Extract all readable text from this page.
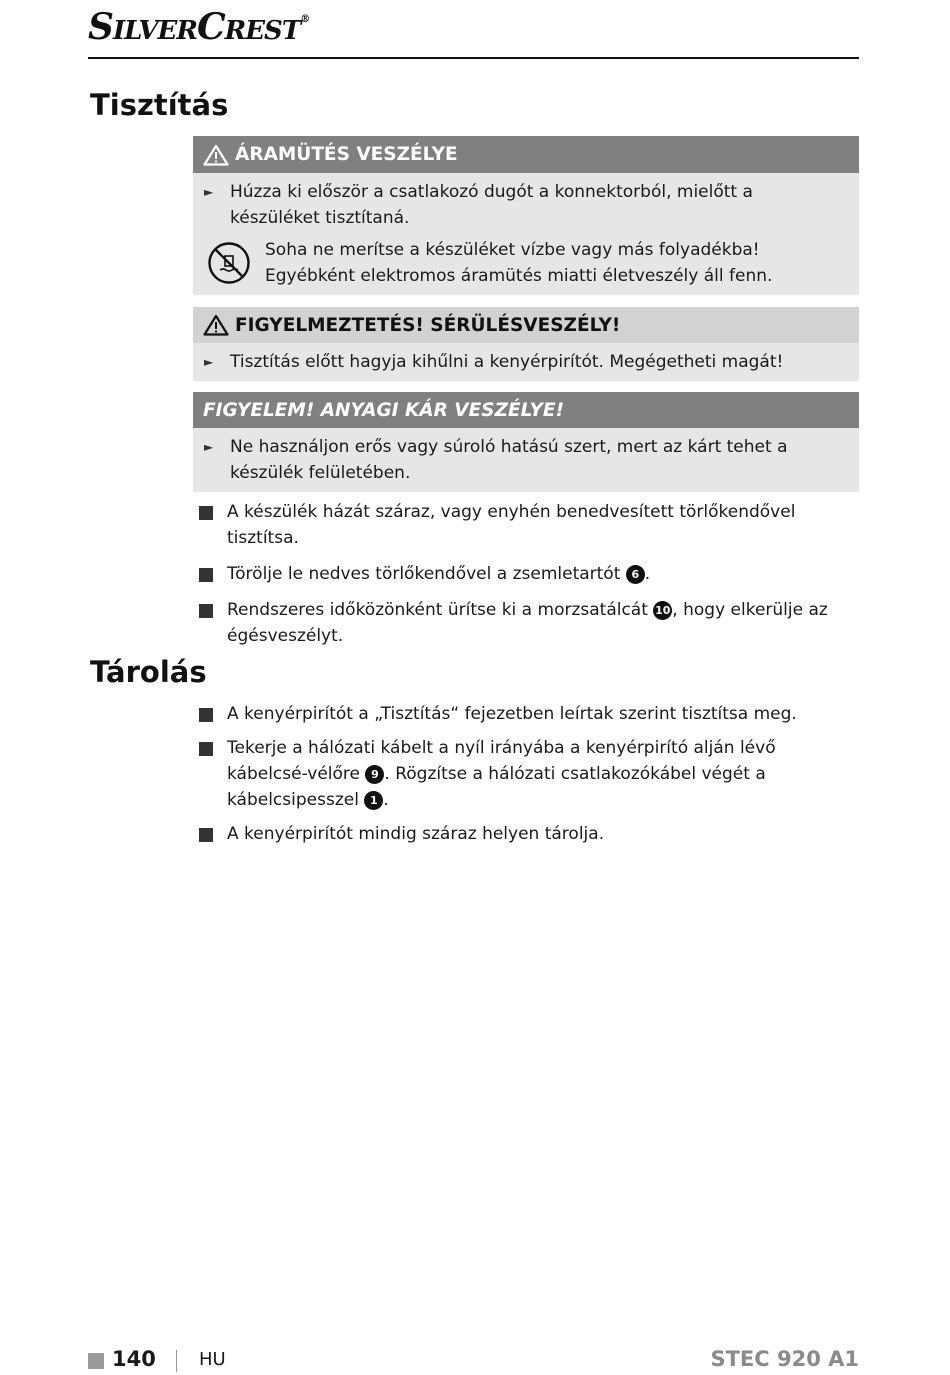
SILVERCREST®
Tisztítás
ÁRAMÜTÉS VESZÉLYE
► Húzza ki először a csatlakozó dugót a konnektorból, mielőtt a készüléket tisztítaná.
Soha ne merítse a készüléket vízbe vagy más folyadékba!
Egyébként elektromos áramütés miatti életveszély áll fenn.
FIGYELMEZTETÉS! SÉRÜLÉSVESZÉLY!
► Tisztítás előtt hagyja kihűlni a kenyérpirítót. Megégetheti magát!
FIGYELEM! ANYAGI KÁR VESZÉLYE!
► Ne használjon erős vagy súroló hatású szert, mert az kárt tehet a készülék felületében.
A készülék házát száraz, vagy enyhén benedvesített törlőkendővel tisztítsa.
Törölje le nedves törlőkendővel a zsemletartót 6 .
Rendszeres időközönként ürítse ki a morzsatálcát 10 , hogy elkerülje az égésveszélyt.
Tárolás
A kenyérpirítót a „Tisztítás“ fejezetben leírtak szerint tisztítsa meg.
Tekerje a hálózati kábelt a nyíl irányába a kenyérpirító alján lévő kábelcsé-vélőre 9 . Rögzítse a hálózati csatlakozókábel végét a kábelcsipesszel 1 .
A kenyérpirítót mindig száraz helyen tárolja.
140 HU	STEC 920 A1
